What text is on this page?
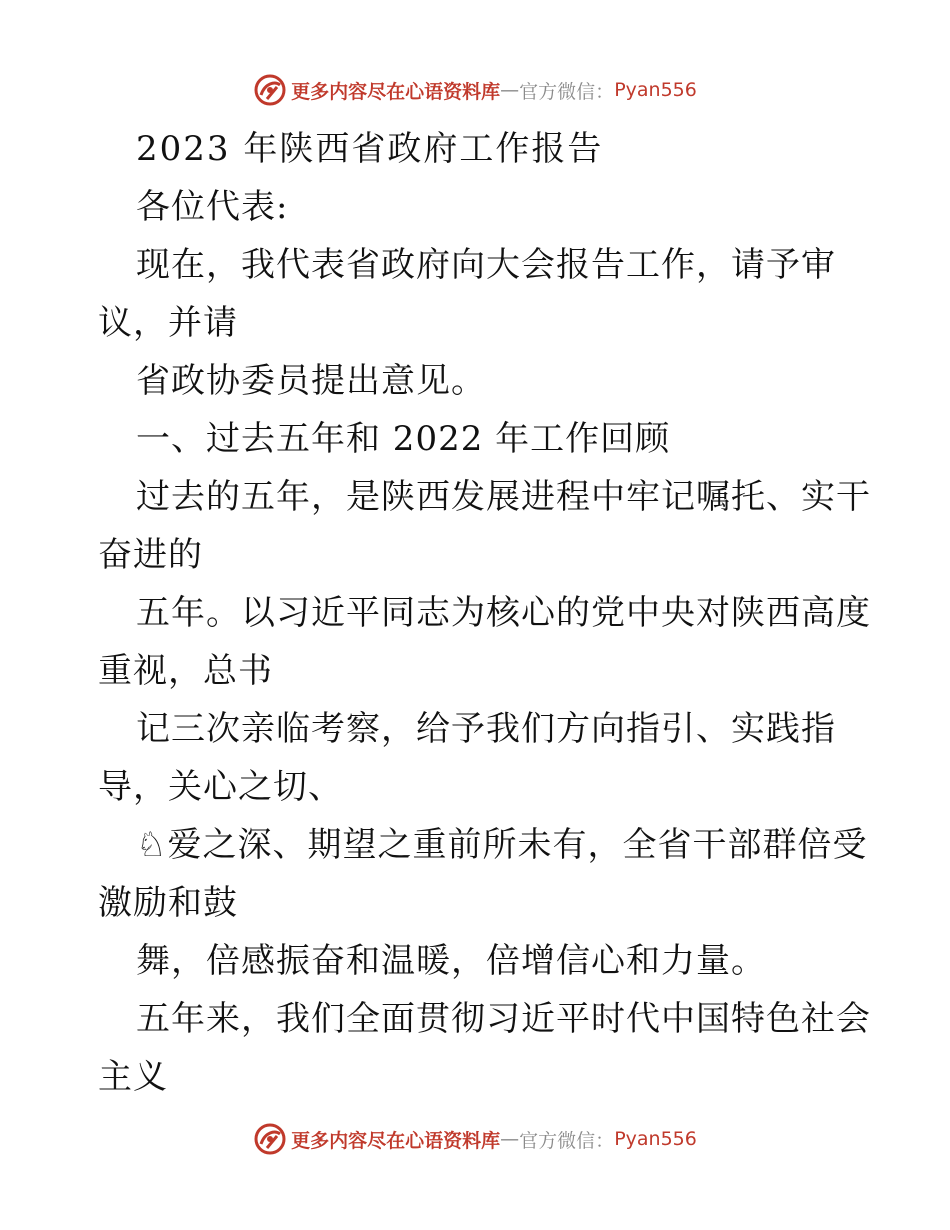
更多内容尽在心语资料库 — 官方微信： Pyan556
2023 年陕西省政府工作报告
各位代表:
现在，我代表省政府向大会报告工作，请予审
议，并请
省政协委员提出意见。
一、过去五年和 2022 年工作回顾
过去的五年，是陕西发展进程中牢记嘱托、实干
奋进的
五年。以习近平同志为核心的党中央对陕西高度
重视，总书
记三次亲临考察，给予我们方向指引、实践指
导，关心之切、
♘爱之深、期望之重前所未有，全省干部群倍受
激励和鼓
舞，倍感振奋和温暖，倍增信心和力量。
五年来，我们全面贯彻习近平时代中国特色社会
主义
更多内容尽在心语资料库 — 官方微信： Pyan556
